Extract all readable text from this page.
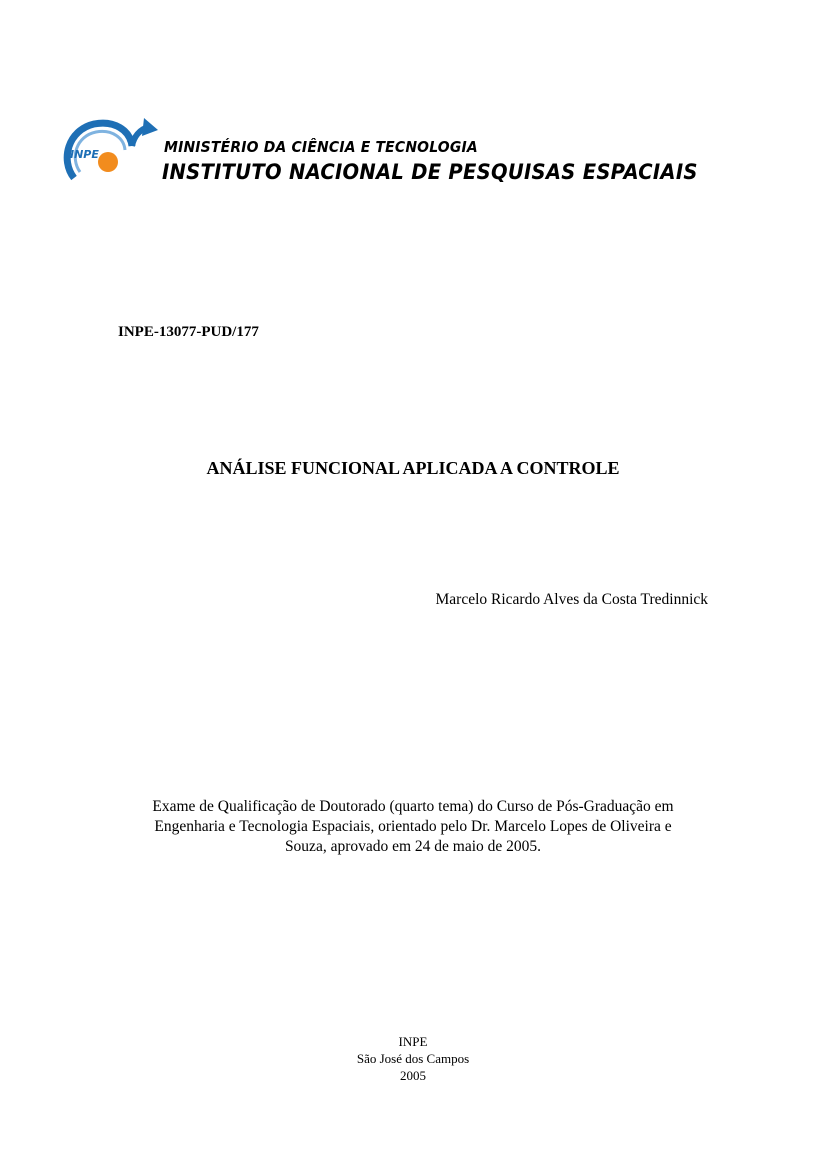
INPE	MINISTÉRIO DA CIÊNCIA E TECNOLOGIA
INSTITUTO NACIONAL DE PESQUISAS ESPACIAIS
INPE-13077-PUD/177
ANÁLISE FUNCIONAL APLICADA A CONTROLE
Marcelo Ricardo Alves da Costa Tredinnick
Exame de Qualificação de Doutorado (quarto tema) do Curso de Pós-Graduação em
Engenharia e Tecnologia Espaciais, orientado pelo Dr. Marcelo Lopes de Oliveira e
Souza, aprovado em 24 de maio de 2005.
INPE
São José dos Campos
2005
